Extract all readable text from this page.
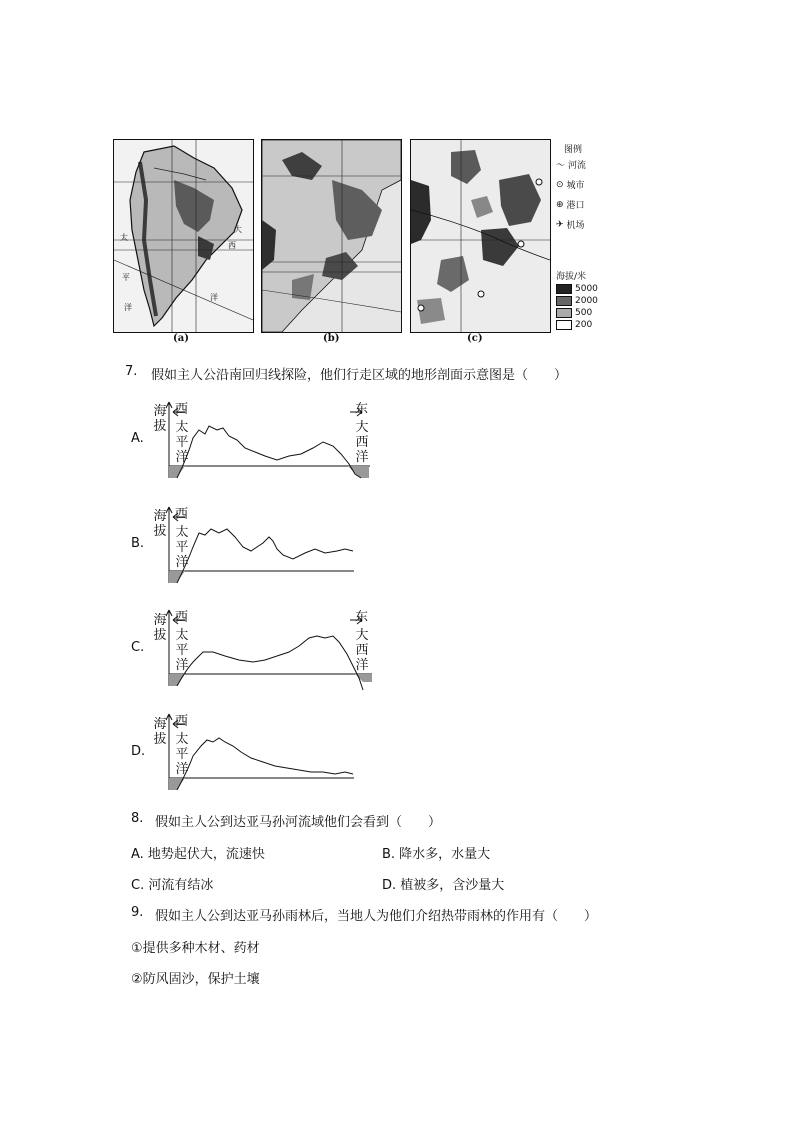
太
平
洋
大
西
洋
(a)	(b)	(c)
图例
〜 河流
⊙ 城市
⊕ 港口
✈ 机场
海拔/米
5000
2000
500
200
7. 假如主人公沿南回归线探险，他们行走区域的地形剖面示意图是（　　）
A.
海拔
西	东
太平洋
大西洋
B.
海拔
西
太平洋
C.
海拔
西	东
太平洋
大西洋
D.
海拔
西
太平洋
8. 假如主人公到达亚马孙河流域他们会看到（　　）
A. 地势起伏大，流速快	B. 降水多，水量大
C. 河流有结冰	D. 植被多，含沙量大
9. 假如主人公到达亚马孙雨林后，当地人为他们介绍热带雨林的作用有（　　）
①提供多种木材、药材
②防风固沙，保护土壤
